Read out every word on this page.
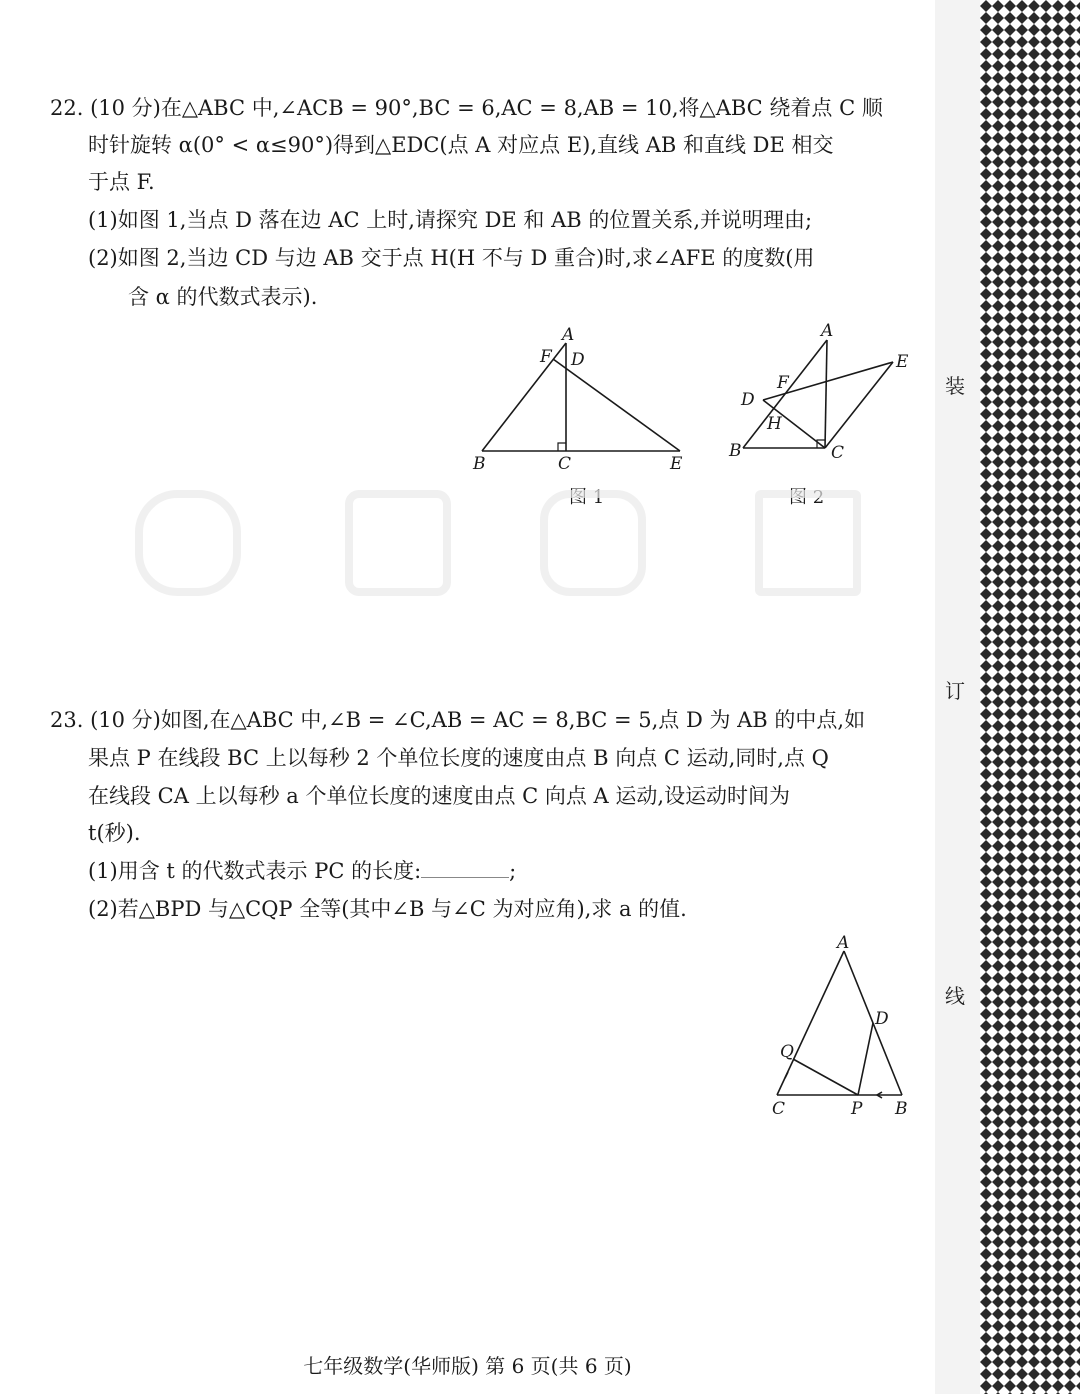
22. (10 分)在△ABC 中,∠ACB = 90°,BC = 6,AC = 8,AB = 10,将△ABC 绕着点 C 顺
时针旋转 α(0° < α≤90°)得到△EDC(点 A 对应点 E),直线 AB 和直线 DE 相交
于点 F.
(1)如图 1,当点 D 落在边 AC 上时,请探究 DE 和 AB 的位置关系,并说明理由;
(2)如图 2,当边 CD 与边 AB 交于点 H(H 不与 D 重合)时,求∠AFE 的度数(用
含 α 的代数式表示).
A
F D
B	C	E
图 1
A
F
D
E
H
B	C
图 2
23. (10 分)如图,在△ABC 中,∠B = ∠C,AB = AC = 8,BC = 5,点 D 为 AB 的中点,如
果点 P 在线段 BC 上以每秒 2 个单位长度的速度由点 B 向点 C 运动,同时,点 Q
在线段 CA 上以每秒 a 个单位长度的速度由点 C 向点 A 运动,设运动时间为
t(秒).
(1)用含 t 的代数式表示 PC 的长度:	;
(2)若△BPD 与△CQP 全等(其中∠B 与∠C 为对应角),求 a 的值.
A
D
Q
C	P B
七年级数学(华师版) 第 6 页(共 6 页)
装
订
线
